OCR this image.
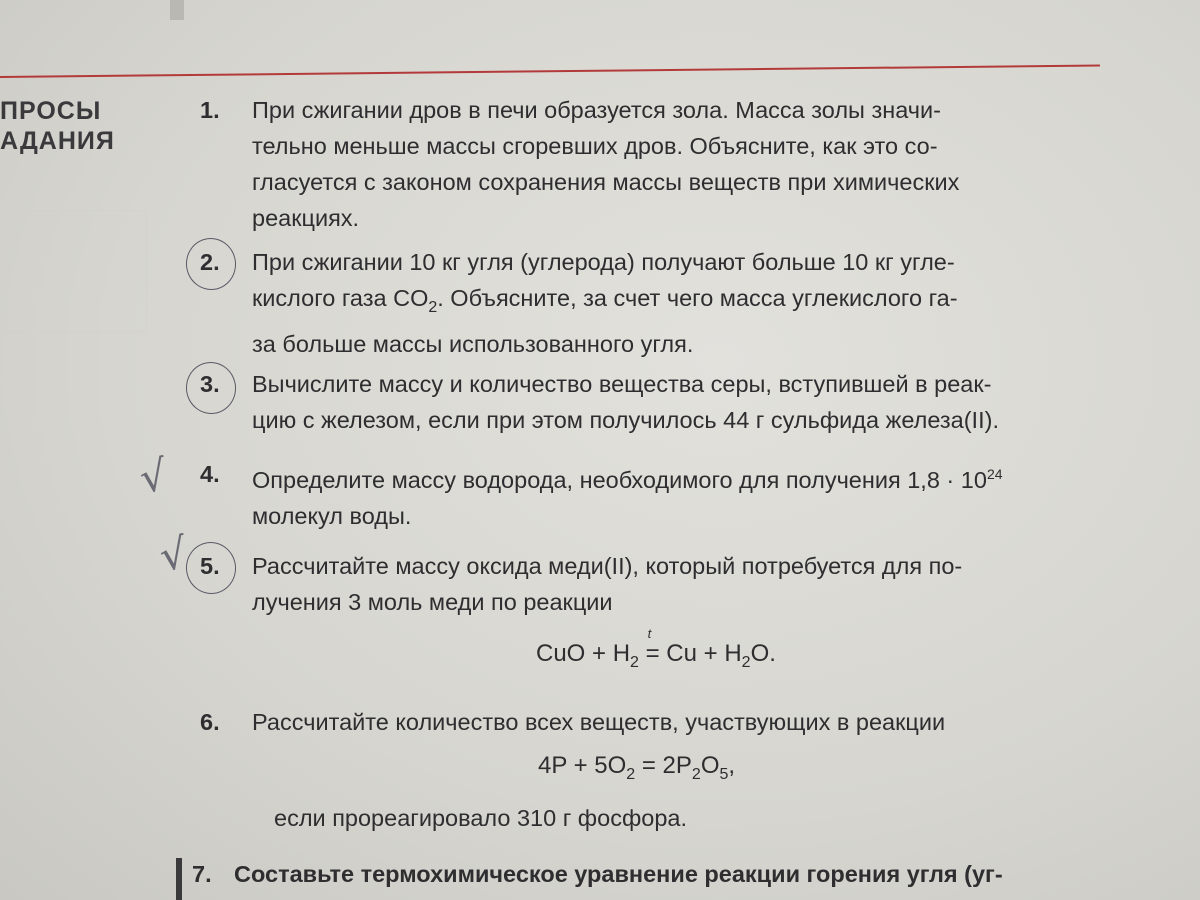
ПРОСЫ
АДАНИЯ
1.	При сжигании дров в печи образуется зола. Масса золы значи-
тельно меньше массы сгоревших дров. Объясните, как это со-
гласуется с законом сохранения массы веществ при химических
реакциях.
2.	При сжигании 10 кг угля (углерода) получают больше 10 кг угле-
кислого газа $CO_2$. Объясните, за счет чего масса углекислого га-
за больше массы использованного угля.
3.	Вычислите массу и количество вещества серы, вступившей в реак-
цию с железом, если при этом получилось 44 г сульфида железа(II).
√ 4.	Определите массу водорода, необходимого для получения $1,8 \cdot 10^{24}$
молекул воды.
√ 5.	Рассчитайте массу оксида меди(II), который потребуется для по-
лучения 3 моль меди по реакции
CuO + $H_2$
t
= $Cu + H_2O$.
6.	Рассчитайте количество всех веществ, участвующих в реакции
$4P + 5O_2 = 2P_2O_5$,
если прореагировало 310 г фосфора.
7. Составьте термохимическое уравнение реакции горения угля (уг-
